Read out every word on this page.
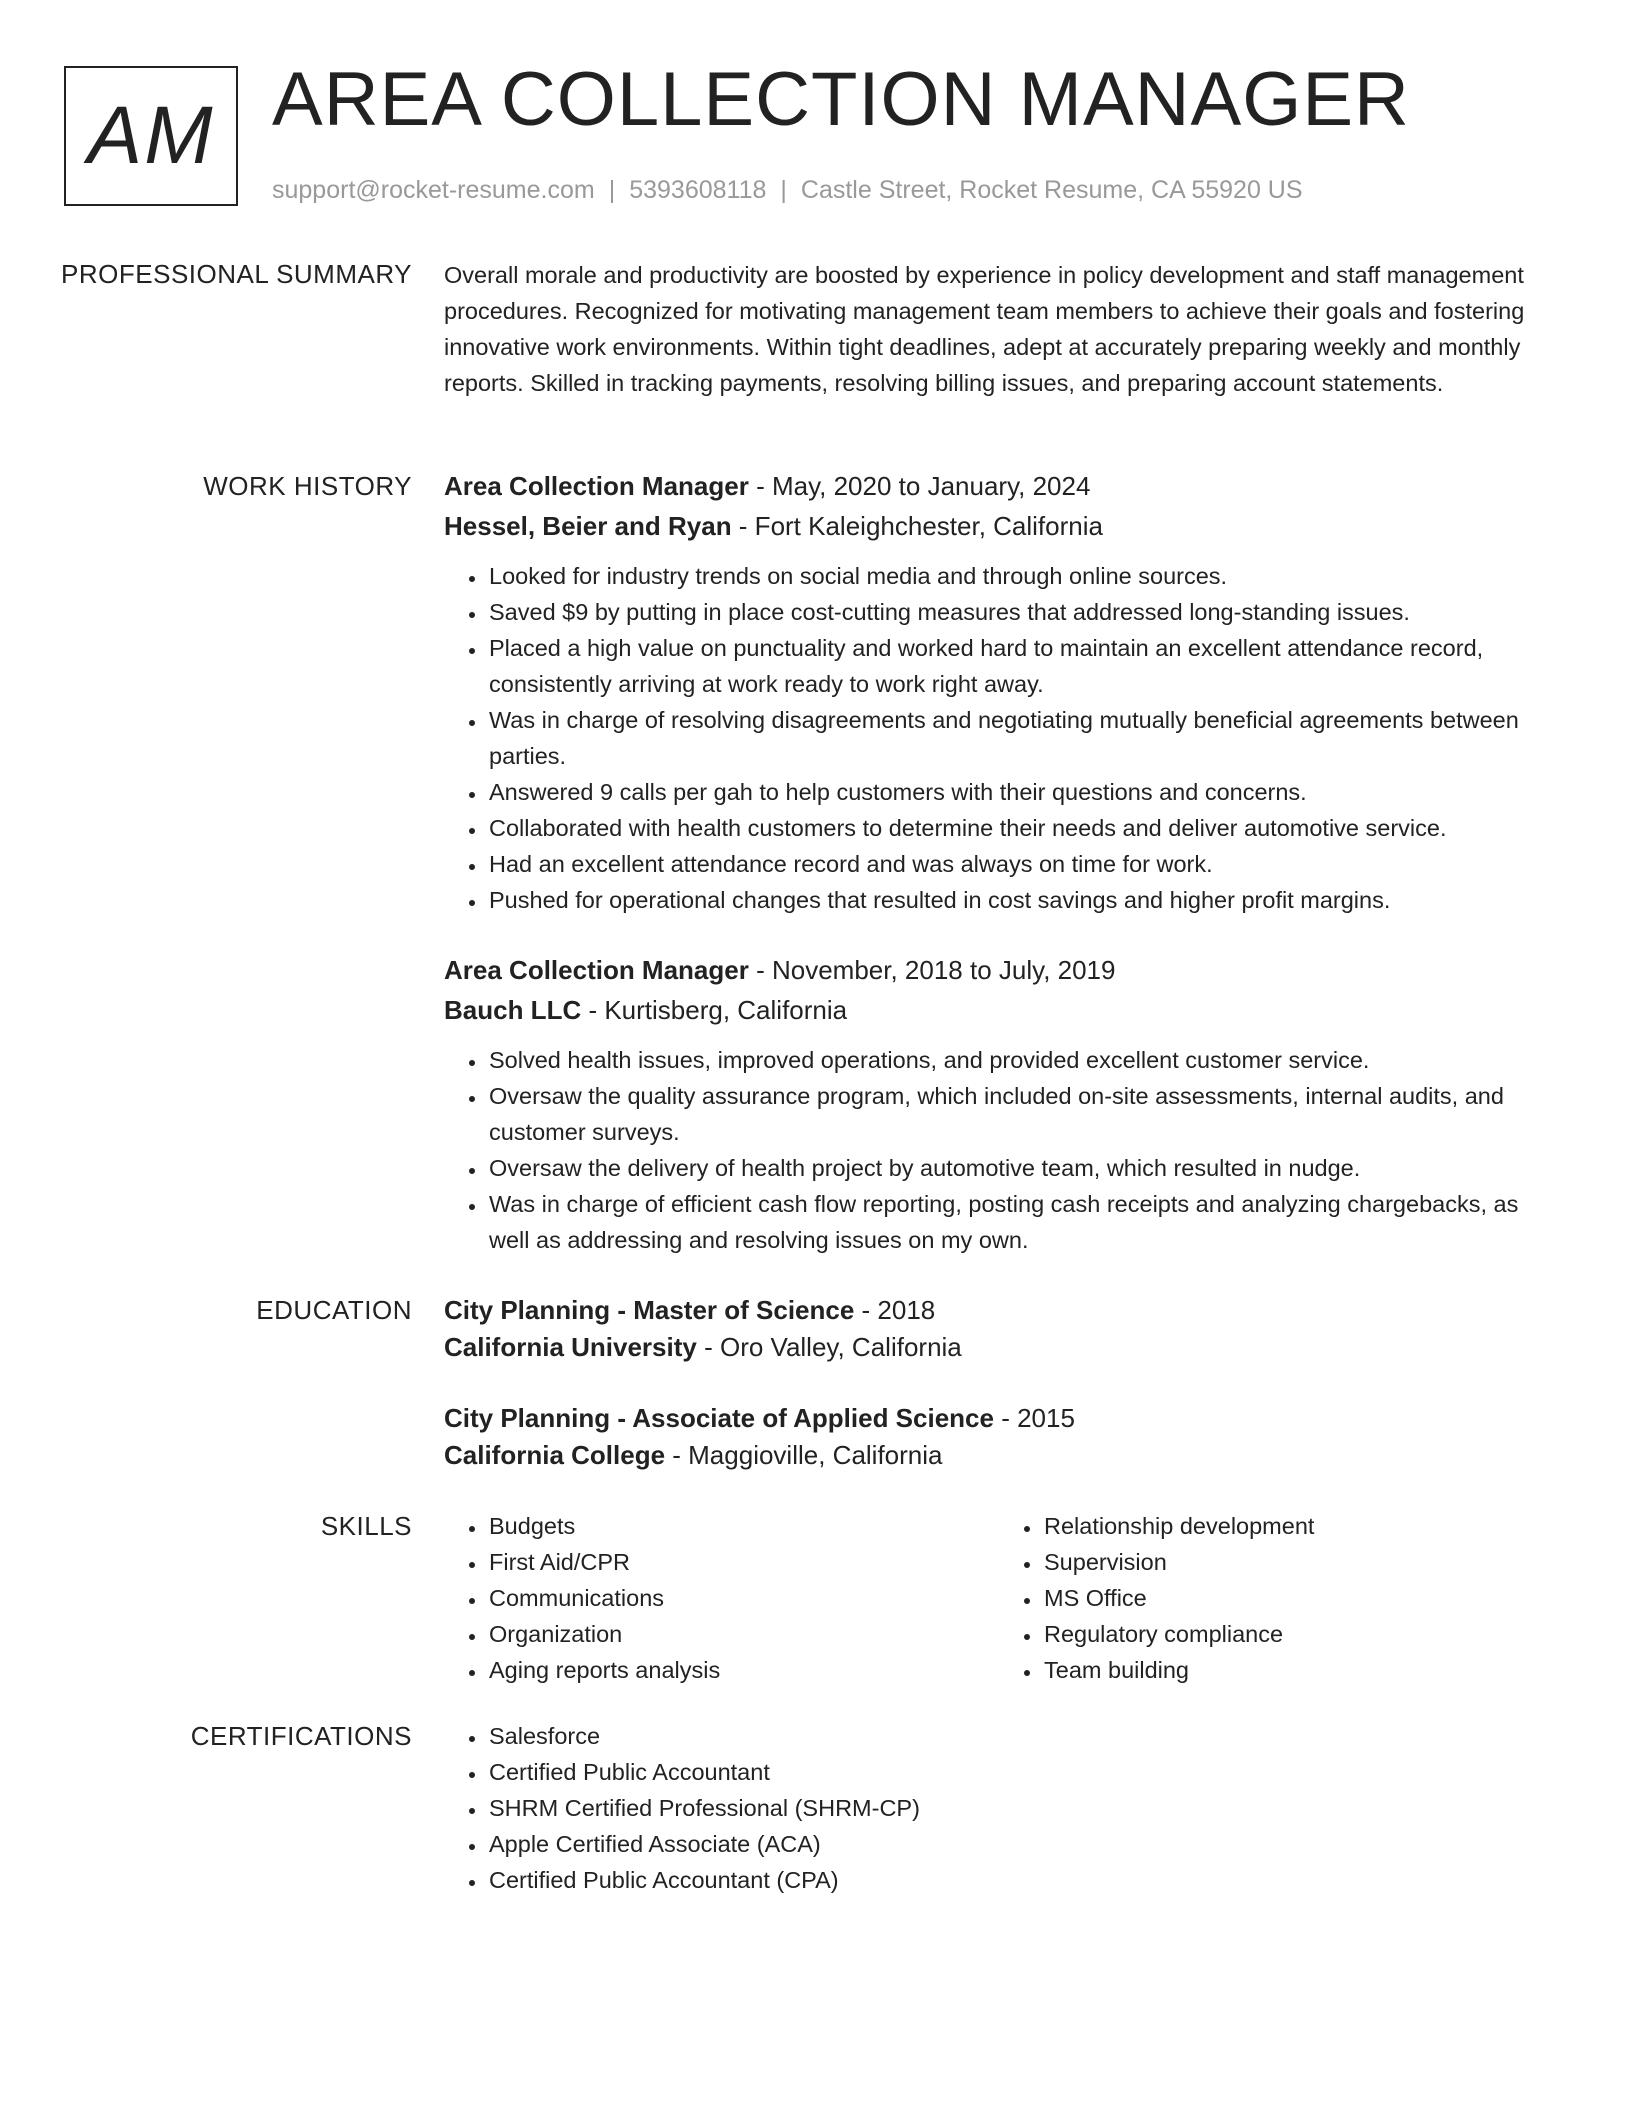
AM AREA COLLECTION MANAGER
support@rocket-resume.com | 5393608118 | Castle Street, Rocket Resume, CA 55920 US
PROFESSIONAL SUMMARY Overall morale and productivity are boosted by experience in policy development and staff management procedures. Recognized for motivating management team members to achieve their goals and fostering innovative work environments. Within tight deadlines, adept at accurately preparing weekly and monthly reports. Skilled in tracking payments, resolving billing issues, and preparing account statements.

WORK HISTORY Area Collection Manager - May, 2020 to January, 2024

Hessel, Beier and Ryan - Fort Kaleighchester, California

• Looked for industry trends on social media and through online sources.
• Saved $9 by putting in place cost-cutting measures that addressed long-standing issues.
• Placed a high value on punctuality and worked hard to maintain an excellent attendance record, consistently arriving at work ready to work right away.
• Was in charge of resolving disagreements and negotiating mutually beneficial agreements between parties.
• Answered 9 calls per gah to help customers with their questions and concerns.
• Collaborated with health customers to determine their needs and deliver automotive service.
• Had an excellent attendance record and was always on time for work.
• Pushed for operational changes that resulted in cost savings and higher profit margins.

Area Collection Manager - November, 2018 to July, 2019

Bauch LLC - Kurtisberg, California

• Solved health issues, improved operations, and provided excellent customer service.
• Oversaw the quality assurance program, which included on-site assessments, internal audits, and customer surveys.
• Oversaw the delivery of health project by automotive team, which resulted in nudge.
• Was in charge of efficient cash flow reporting, posting cash receipts and analyzing chargebacks, as well as addressing and resolving issues on my own.
EDUCATION City Planning - Master of Science - 2018

California University - Oro Valley, California

City Planning - Associate of Applied Science - 2015

California College - Maggioville, California

SKILLS	• Budgets
• First Aid/CPR
• Communications
• Organization
• Aging reports analysis
• Relationship development
• Supervision
• MS Office
• Regulatory compliance
• Team building
CERTIFICATIONS	• Salesforce
• Certified Public Accountant
• SHRM Certified Professional (SHRM-CP)
• Apple Certified Associate (ACA)
• Certified Public Accountant (CPA)
